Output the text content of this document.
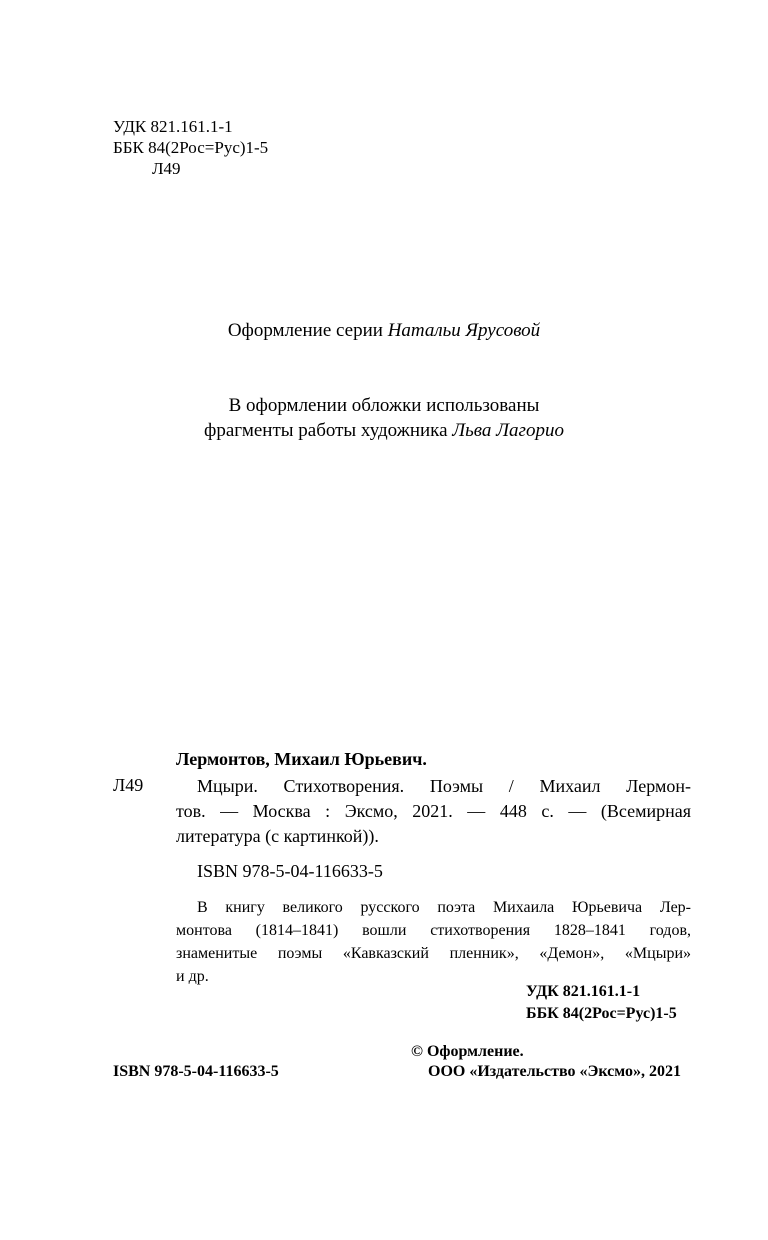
УДК 821.161.1-1
ББК 84(2Рос=Рус)1-5
Л49
Оформление серии Натальи Ярусовой
В оформлении обложки использованы
фрагменты работы художника Льва Лагорио
Лермонтов, Михаил Юрьевич.
Л49	Мцыри. Стихотворения. Поэмы / Михаил Лермон-
тов. — Москва : Эксмо, 2021. — 448 с. — (Всемирная
литература (с картинкой)).
ISBN 978-5-04-116633-5
В книгу великого русского поэта Михаила Юрьевича Лер-
монтова (1814–1841) вошли стихотворения 1828–1841 годов,
знаменитые поэмы «Кавказский пленник», «Демон», «Мцыри»
и др.
УДК 821.161.1-1
ББК 84(2Рос=Рус)1-5
© Оформление.
ISBN 978-5-04-116633-5	ООО «Издательство «Эксмо», 2021
